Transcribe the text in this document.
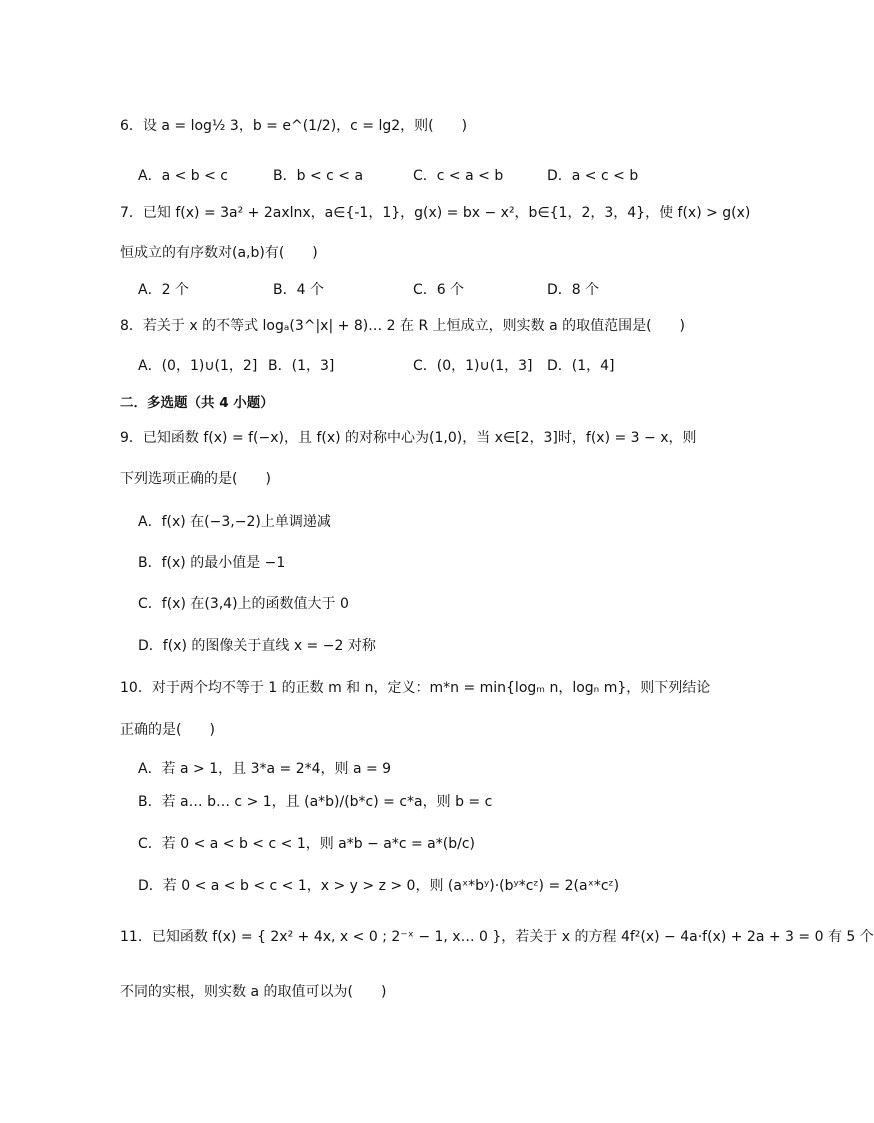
6．设 a = log½ 3，b = e^(1/2)，c = lg2，则(　　)
A．a < b < c	B．b < c < a	C．c < a < b	D．a < c < b
7．已知 f(x) = 3a² + 2axlnx，a∈{-1，1}，g(x) = bx − x²，b∈{1，2，3，4}，使 f(x) > g(x)
恒成立的有序数对(a,b)有(　　)
A．2 个	B．4 个	C．6 个	D．8 个
8．若关于 x 的不等式 logₐ(3^|x| + 8)… 2 在 R 上恒成立，则实数 a 的取值范围是(　　)
A．(0，1)∪(1，2] B．(1，3]	C．(0，1)∪(1，3] D．(1，4]
二．多选题（共 4 小题）
9．已知函数 f(x) = f(−x)，且 f(x) 的对称中心为(1,0)，当 x∈[2，3]时，f(x) = 3 − x，则
下列选项正确的是(　　)
A．f(x) 在(−3,−2)上单调递减
B．f(x) 的最小值是 −1
C．f(x) 在(3,4)上的函数值大于 0
D．f(x) 的图像关于直线 x = −2 对称
10．对于两个均不等于 1 的正数 m 和 n，定义：m*n = min{logₘ n，logₙ m}，则下列结论
正确的是(　　)
A．若 a > 1，且 3*a = 2*4，则 a = 9
B．若 a… b… c > 1，且 (a*b)/(b*c) = c*a，则 b = c
C．若 0 < a < b < c < 1，则 a*b − a*c = a*(b/c)
D．若 0 < a < b < c < 1，x > y > z > 0，则 (aˣ*bʸ)·(bʸ*cᶻ) = 2(aˣ*cᶻ)
11．已知函数 f(x) = { 2x² + 4x, x < 0 ; 2⁻ˣ − 1, x… 0 }，若关于 x 的方程 4f²(x) − 4a·f(x) + 2a + 3 = 0 有 5 个
不同的实根，则实数 a 的取值可以为(　　)
